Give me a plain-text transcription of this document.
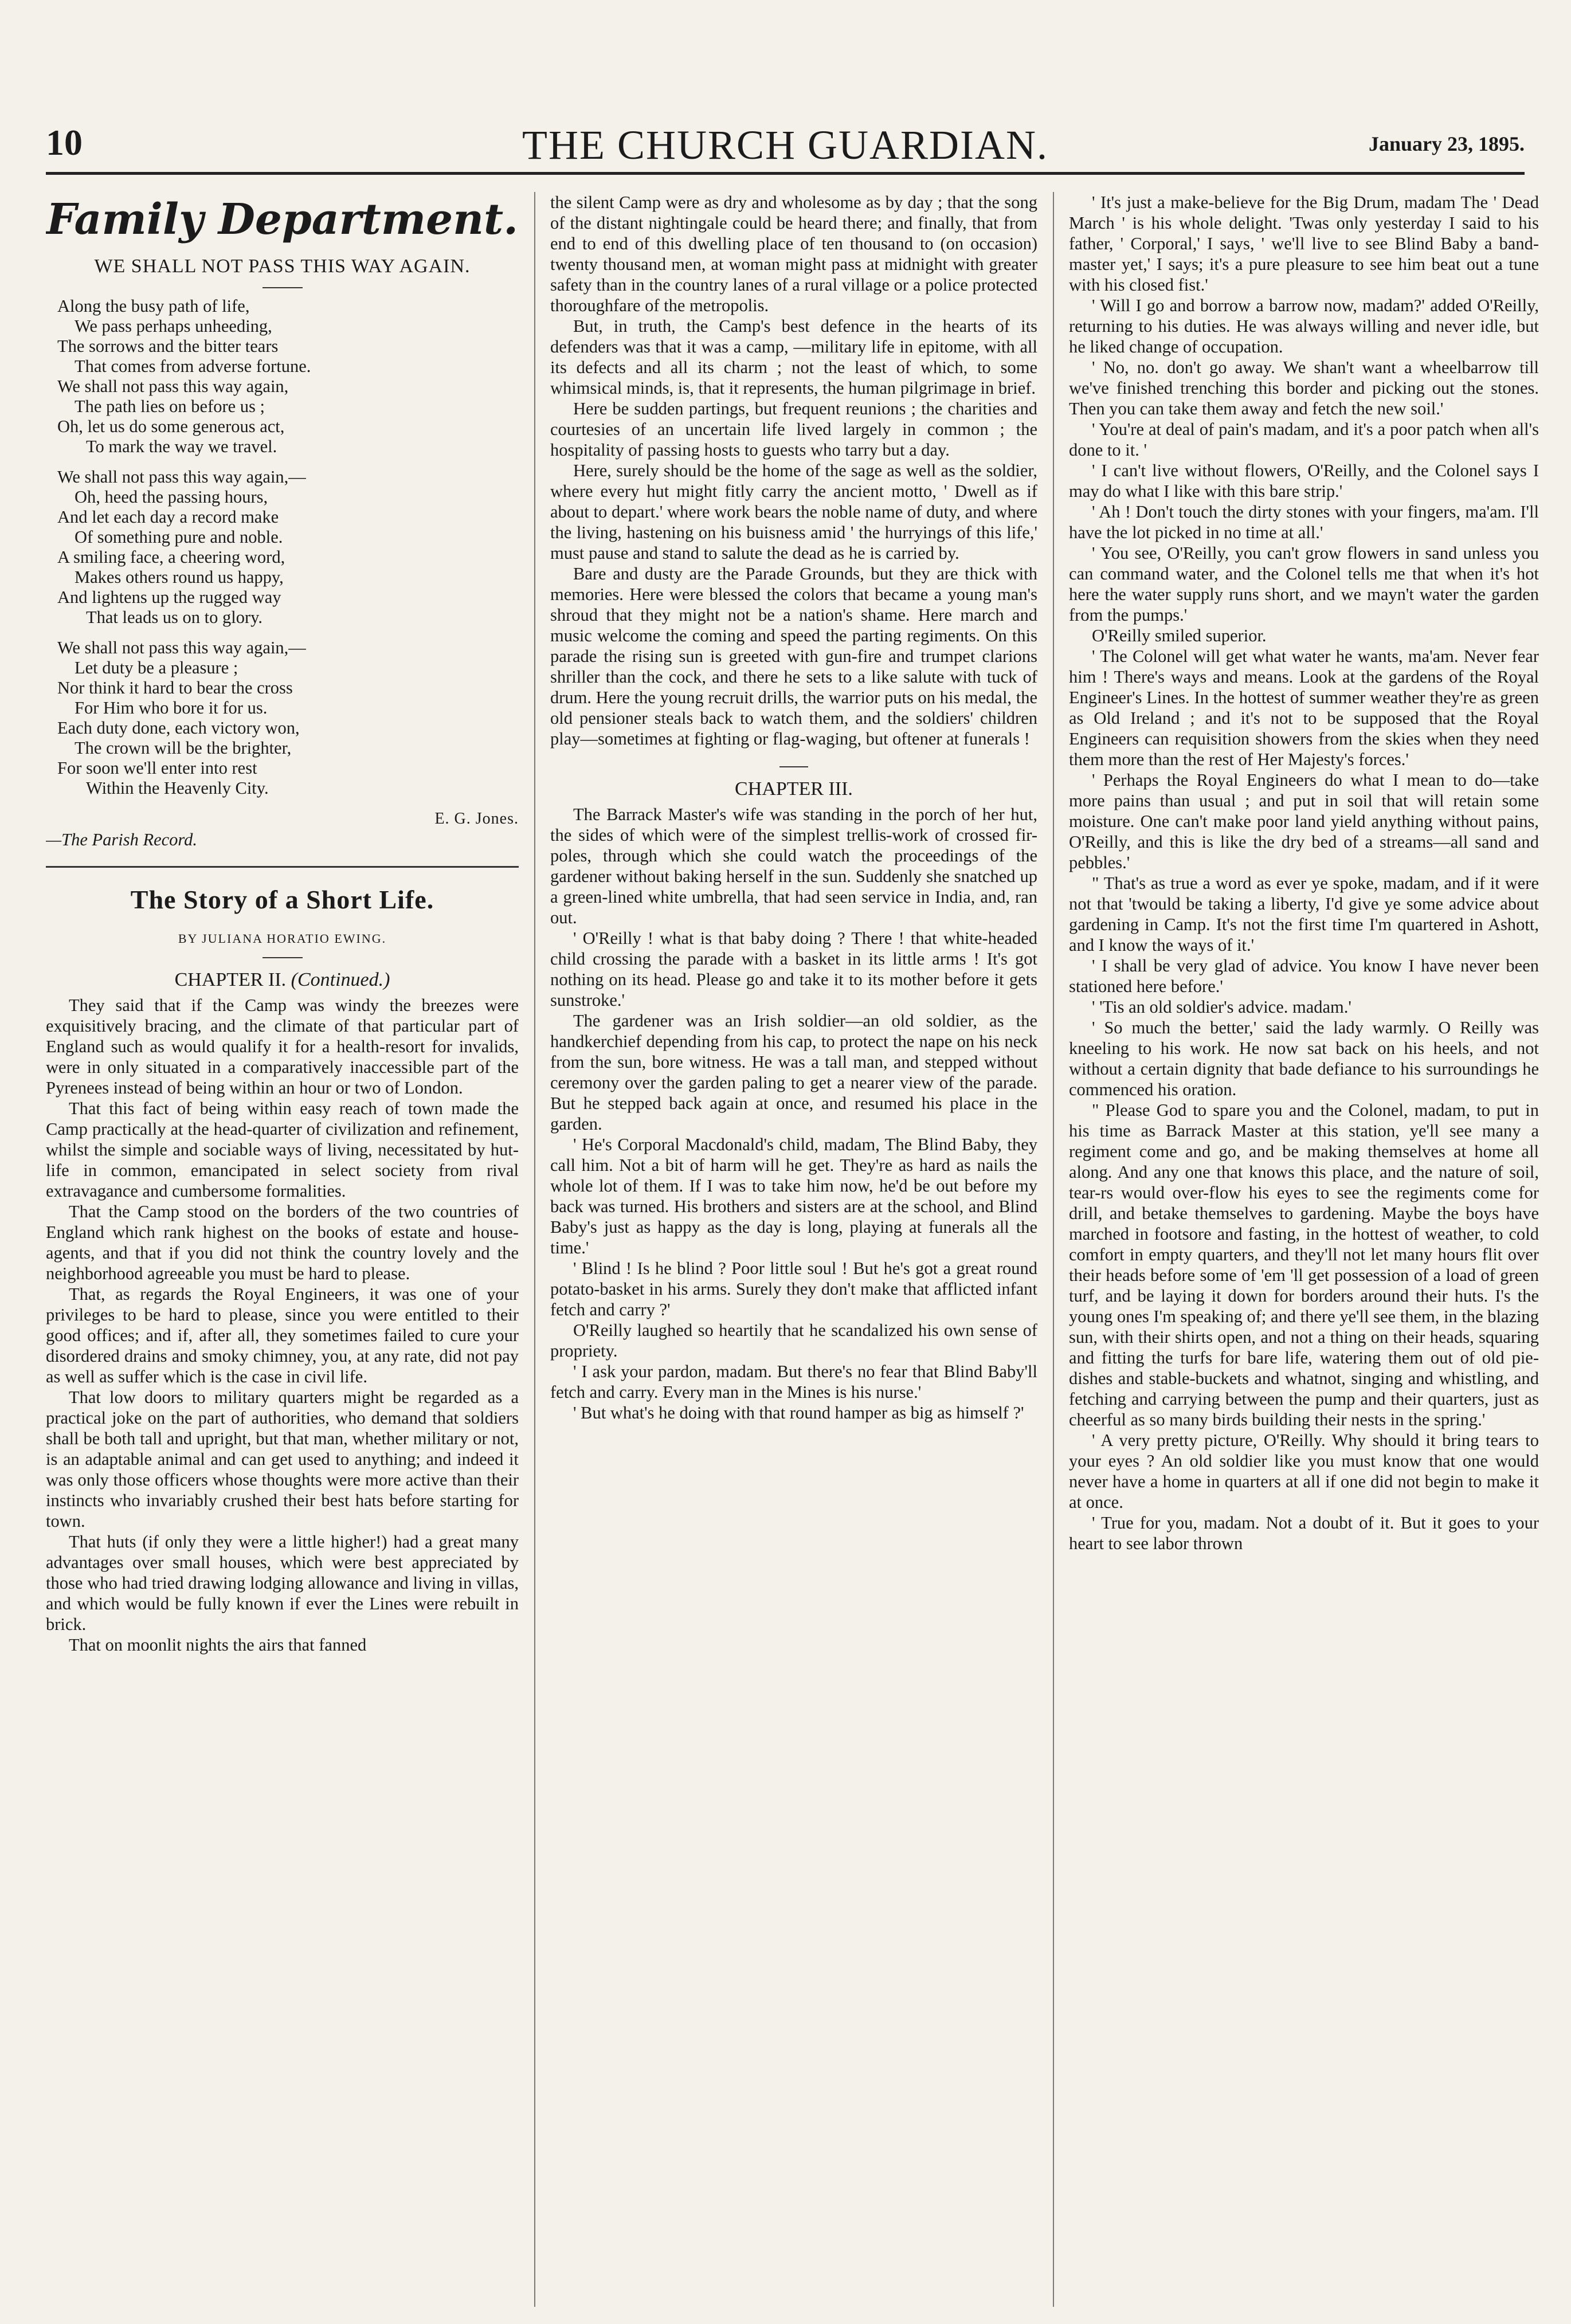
10	THE CHURCH GUARDIAN.	January 23, 1895.
Family Department.
WE SHALL NOT PASS THIS WAY AGAIN.
Along the busy path of life,
We pass perhaps unheeding,
The sorrows and the bitter tears
That comes from adverse fortune.
We shall not pass this way again,
The path lies on before us ;
Oh, let us do some generous act,
To mark the way we travel.
We shall not pass this way again,—
Oh, heed the passing hours,
And let each day a record make
Of something pure and noble.
A smiling face, a cheering word,
Makes others round us happy,
And lightens up the rugged way
That leads us on to glory.
We shall not pass this way again,—
Let duty be a pleasure ;
Nor think it hard to bear the cross
For Him who bore it for us.
Each duty done, each victory won,
The crown will be the brighter,
For soon we'll enter into rest
Within the Heavenly City.
E. G. Jones.
—The Parish Record.
The Story of a Short Life.
BY JULIANA HORATIO EWING.
CHAPTER II. (Continued.)

They said that if the Camp was windy the breezes were exquisitively bracing, and the climate of that particular part of England such as would qualify it for a health-resort for invalids, were in only situated in a comparatively inaccessible part of the Pyrenees instead of being within an hour or two of London.

That this fact of being within easy reach of town made the Camp practically at the head-quarter of civilization and refinement, whilst the simple and sociable ways of living, necessitated by hut-life in common, emancipated in select society from rival extravagance and cumbersome formalities.

That the Camp stood on the borders of the two countries of England which rank highest on the books of estate and house-agents, and that if you did not think the country lovely and the neighborhood agreeable you must be hard to please.

That, as regards the Royal Engineers, it was one of your privileges to be hard to please, since you were entitled to their good offices; and if, after all, they sometimes failed to cure your disordered drains and smoky chimney, you, at any rate, did not pay as well as suffer which is the case in civil life.

That low doors to military quarters might be regarded as a practical joke on the part of authorities, who demand that soldiers shall be both tall and upright, but that man, whether military or not, is an adaptable animal and can get used to anything; and indeed it was only those officers whose thoughts were more active than their instincts who invariably crushed their best hats before starting for town.

That huts (if only they were a little higher!) had a great many advantages over small houses, which were best appreciated by those who had tried drawing lodging allowance and living in villas, and which would be fully known if ever the Lines were rebuilt in brick.

That on moonlit nights the airs that fanned

the silent Camp were as dry and wholesome as by day ; that the song of the distant nightingale could be heard there; and finally, that from end to end of this dwelling place of ten thousand to (on occasion) twenty thousand men, at woman might pass at midnight with greater safety than in the country lanes of a rural village or a police protected thoroughfare of the metropolis.

But, in truth, the Camp's best defence in the hearts of its defenders was that it was a camp, —military life in epitome, with all its defects and all its charm ; not the least of which, to some whimsical minds, is, that it represents, the human pilgrimage in brief.

Here be sudden partings, but frequent reunions ; the charities and courtesies of an uncertain life lived largely in common ; the hospitality of passing hosts to guests who tarry but a day.

Here, surely should be the home of the sage as well as the soldier, where every hut might fitly carry the ancient motto, ' Dwell as if about to depart.' where work bears the noble name of duty, and where the living, hastening on his buisness amid ' the hurryings of this life,' must pause and stand to salute the dead as he is carried by.

Bare and dusty are the Parade Grounds, but they are thick with memories. Here were blessed the colors that became a young man's shroud that they might not be a nation's shame. Here march and music welcome the coming and speed the parting regiments. On this parade the rising sun is greeted with gun-fire and trumpet clarions shriller than the cock, and there he sets to a like salute with tuck of drum. Here the young recruit drills, the warrior puts on his medal, the old pensioner steals back to watch them, and the soldiers' children play—sometimes at fighting or flag-waging, but oftener at funerals !

CHAPTER III.

The Barrack Master's wife was standing in the porch of her hut, the sides of which were of the simplest trellis-work of crossed fir-poles, through which she could watch the proceedings of the gardener without baking herself in the sun. Suddenly she snatched up a green-lined white umbrella, that had seen service in India, and, ran out.

' O'Reilly ! what is that baby doing ? There ! that white-headed child crossing the parade with a basket in its little arms ! It's got nothing on its head. Please go and take it to its mother before it gets sunstroke.'

The gardener was an Irish soldier—an old soldier, as the handkerchief depending from his cap, to protect the nape on his neck from the sun, bore witness. He was a tall man, and stepped without ceremony over the garden paling to get a nearer view of the parade. But he stepped back again at once, and resumed his place in the garden.

' He's Corporal Macdonald's child, madam, The Blind Baby, they call him. Not a bit of harm will he get. They're as hard as nails the whole lot of them. If I was to take him now, he'd be out before my back was turned. His brothers and sisters are at the school, and Blind Baby's just as happy as the day is long, playing at funerals all the time.'

' Blind ! Is he blind ? Poor little soul ! But he's got a great round potato-basket in his arms. Surely they don't make that afflicted infant fetch and carry ?'

O'Reilly laughed so heartily that he scandalized his own sense of propriety.

' I ask your pardon, madam. But there's no fear that Blind Baby'll fetch and carry. Every man in the Mines is his nurse.'

' But what's he doing with that round hamper as big as himself ?'

' It's just a make-believe for the Big Drum, madam The ' Dead March ' is his whole delight. 'Twas only yesterday I said to his father, ' Corporal,' I says, ' we'll live to see Blind Baby a band-master yet,' I says; it's a pure pleasure to see him beat out a tune with his closed fist.'

' Will I go and borrow a barrow now, madam?' added O'Reilly, returning to his duties. He was always willing and never idle, but he liked change of occupation.

' No, no. don't go away. We shan't want a wheelbarrow till we've finished trenching this border and picking out the stones. Then you can take them away and fetch the new soil.'

' You're at deal of pain's madam, and it's a poor patch when all's done to it. '

' I can't live without flowers, O'Reilly, and the Colonel says I may do what I like with this bare strip.'

' Ah ! Don't touch the dirty stones with your fingers, ma'am. I'll have the lot picked in no time at all.'

' You see, O'Reilly, you can't grow flowers in sand unless you can command water, and the Colonel tells me that when it's hot here the water supply runs short, and we mayn't water the garden from the pumps.'

O'Reilly smiled superior.

' The Colonel will get what water he wants, ma'am. Never fear him ! There's ways and means. Look at the gardens of the Royal Engineer's Lines. In the hottest of summer weather they're as green as Old Ireland ; and it's not to be supposed that the Royal Engineers can requisition showers from the skies when they need them more than the rest of Her Majesty's forces.'

' Perhaps the Royal Engineers do what I mean to do—take more pains than usual ; and put in soil that will retain some moisture. One can't make poor land yield anything without pains, O'Reilly, and this is like the dry bed of a streams—all sand and pebbles.'

" That's as true a word as ever ye spoke, madam, and if it were not that 'twould be taking a liberty, I'd give ye some advice about gardening in Camp. It's not the first time I'm quartered in Ashott, and I know the ways of it.'

' I shall be very glad of advice. You know I have never been stationed here before.'

' 'Tis an old soldier's advice. madam.'

' So much the better,' said the lady warmly. O Reilly was kneeling to his work. He now sat back on his heels, and not without a certain dignity that bade defiance to his surroundings he commenced his oration.

" Please God to spare you and the Colonel, madam, to put in his time as Barrack Master at this station, ye'll see many a regiment come and go, and be making themselves at home all along. And any one that knows this place, and the nature of soil, tear-rs would over-flow his eyes to see the regiments come for drill, and betake themselves to gardening. Maybe the boys have marched in footsore and fasting, in the hottest of weather, to cold comfort in empty quarters, and they'll not let many hours flit over their heads before some of 'em 'll get possession of a load of green turf, and be laying it down for borders around their huts. I's the young ones I'm speaking of; and there ye'll see them, in the blazing sun, with their shirts open, and not a thing on their heads, squaring and fitting the turfs for bare life, watering them out of old pie-dishes and stable-buckets and whatnot, singing and whistling, and fetching and carrying between the pump and their quarters, just as cheerful as so many birds building their nests in the spring.'

' A very pretty picture, O'Reilly. Why should it bring tears to your eyes ? An old soldier like you must know that one would never have a home in quarters at all if one did not begin to make it at once.

' True for you, madam. Not a doubt of it. But it goes to your heart to see labor thrown
